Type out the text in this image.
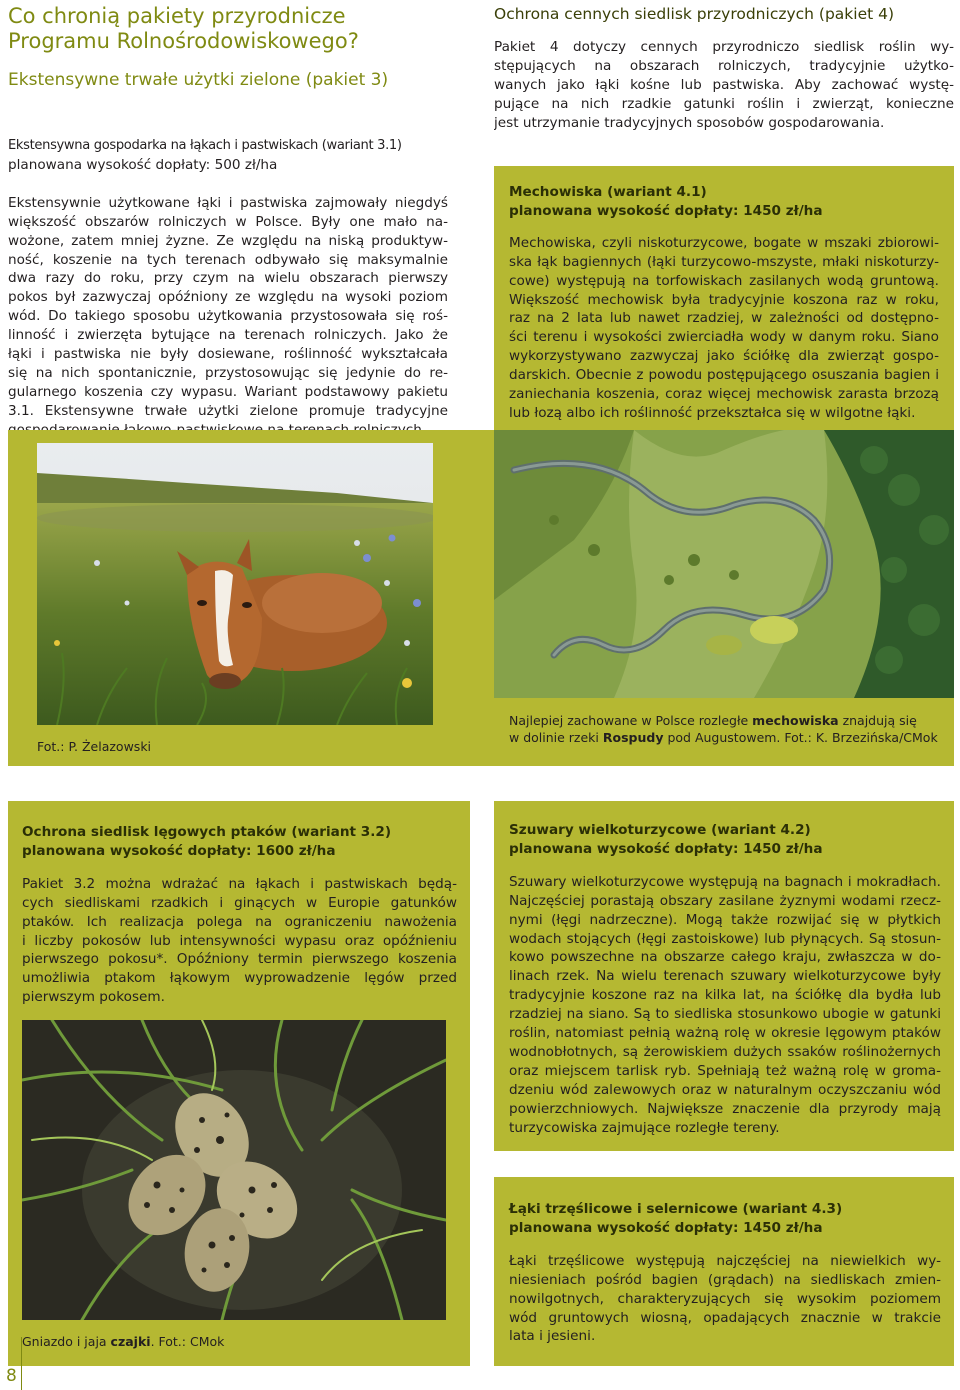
Co chronią pakiety przyrodnicze
Programu Rolnośrodowiskowego?
Ekstensywne trwałe użytki zielone (pakiet 3)
Ekstensywna gospodarka na łąkach i pastwiskach (wariant 3.1)
planowana wysokość dopłaty: 500 zł/ha
Ekstensywnie użytkowane łąki i pastwiska zajmowały niegdyś
większość obszarów rolniczych w Polsce. Były one mało na-
wożone, zatem mniej żyzne. Ze względu na niską produktyw-
ność, koszenie na tych terenach odbywało się maksymalnie
dwa razy do roku, przy czym na wielu obszarach pierwszy
pokos był zazwyczaj opóźniony ze względu na wysoki poziom
wód. Do takiego sposobu użytkowania przystosowała się roś-
linność i zwierzęta bytujące na terenach rolniczych. Jako że
łąki i pastwiska nie były dosiewane, roślinność wykształcała
się na nich spontanicznie, przystosowując się jedynie do re-
gularnego koszenia czy wypasu. Wariant podstawowy pakietu
3.1. Ekstensywne trwałe użytki zielone promuje tradycyjne
Ochrona cennych siedlisk przyrodniczych (pakiet 4)
Pakiet 4 dotyczy cennych przyrodniczo siedlisk roślin wy-
stępujących na obszarach rolniczych, tradycyjnie użytko-
wanych jako łąki kośne lub pastwiska. Aby zachować wystę-
pujące na nich rzadkie gatunki roślin i zwierząt, konieczne
jest utrzymanie tradycyjnych sposobów gospodarowania.
Mechowiska (wariant 4.1)
planowana wysokość dopłaty: 1450 zł/ha
Mechowiska, czyli niskoturzycowe, bogate w mszaki zbiorowi-
ska łąk bagiennych (łąki turzycowo-mszyste, młaki niskoturzy-
cowe) występują na torfowiskach zasilanych wodą gruntową.
Większość mechowisk była tradycyjnie koszona raz w roku,
raz na 2 lata lub nawet rzadziej, w zależności od dostępno-
ści terenu i wysokości zwierciadła wody w danym roku. Siano
wykorzystywano zazwyczaj jako ściółkę dla zwierząt gospo-
darskich. Obecnie z powodu postępującego osuszania bagien i
zaniechania koszenia, coraz więcej mechowisk zarasta brzozą
lub łozą albo ich roślinność przekształca się w wilgotne łąki.
Fot.: P. Żelazowski
Najlepiej zachowane w Polsce rozległe mechowiska znajdują się
w dolinie rzeki Rospudy pod Augustowem. Fot.: K. Brzezińska/CMok
Ochrona siedlisk lęgowych ptaków (wariant 3.2)
planowana wysokość dopłaty: 1600 zł/ha
Pakiet 3.2 można wdrażać na łąkach i pastwiskach będą-
cych siedliskami rzadkich i ginących w Europie gatunków
ptaków. Ich realizacja polega na ograniczeniu nawożenia
i liczby pokosów lub intensywności wypasu oraz opóźnieniu
pierwszego pokosu*. Opóźniony termin pierwszego koszenia
umożliwia ptakom łąkowym wyprowadzenie lęgów przed
pierwszym pokosem.
Gniazdo i jaja czajki. Fot.: CMok
Szuwary wielkoturzycowe (wariant 4.2)
planowana wysokość dopłaty: 1450 zł/ha
Szuwary wielkoturzycowe występują na bagnach i mokradłach.
Najczęściej porastają obszary zasilane żyznymi wodami rzecz-
nymi (łęgi nadrzeczne). Mogą także rozwijać się w płytkich
wodach stojących (łęgi zastoiskowe) lub płynących. Są stosun-
kowo powszechne na obszarze całego kraju, zwłaszcza w do-
linach rzek. Na wielu terenach szuwary wielkoturzycowe były
tradycyjnie koszone raz na kilka lat, na ściółkę dla bydła lub
rzadziej na siano. Są to siedliska stosunkowo ubogie w gatunki
roślin, natomiast pełnią ważną rolę w okresie lęgowym ptaków
wodnobłotnych, są żerowiskiem dużych ssaków roślinożernych
oraz miejscem tarlisk ryb. Spełniają też ważną rolę w groma-
dzeniu wód zalewowych oraz w naturalnym oczyszczaniu wód
powierzchniowych. Największe znaczenie dla przyrody mają
turzycowiska zajmujące rozległe tereny.
Łąki trzęślicowe i selernicowe (wariant 4.3)
planowana wysokość dopłaty: 1450 zł/ha
Łąki trzęślicowe występują najczęściej na niewielkich wy-
niesieniach pośród bagien (grądach) na siedliskach zmien-
nowilgotnych, charakteryzujących się wysokim poziomem
wód gruntowych wiosną, opadających znacznie w trakcie
lata i jesieni.
8
